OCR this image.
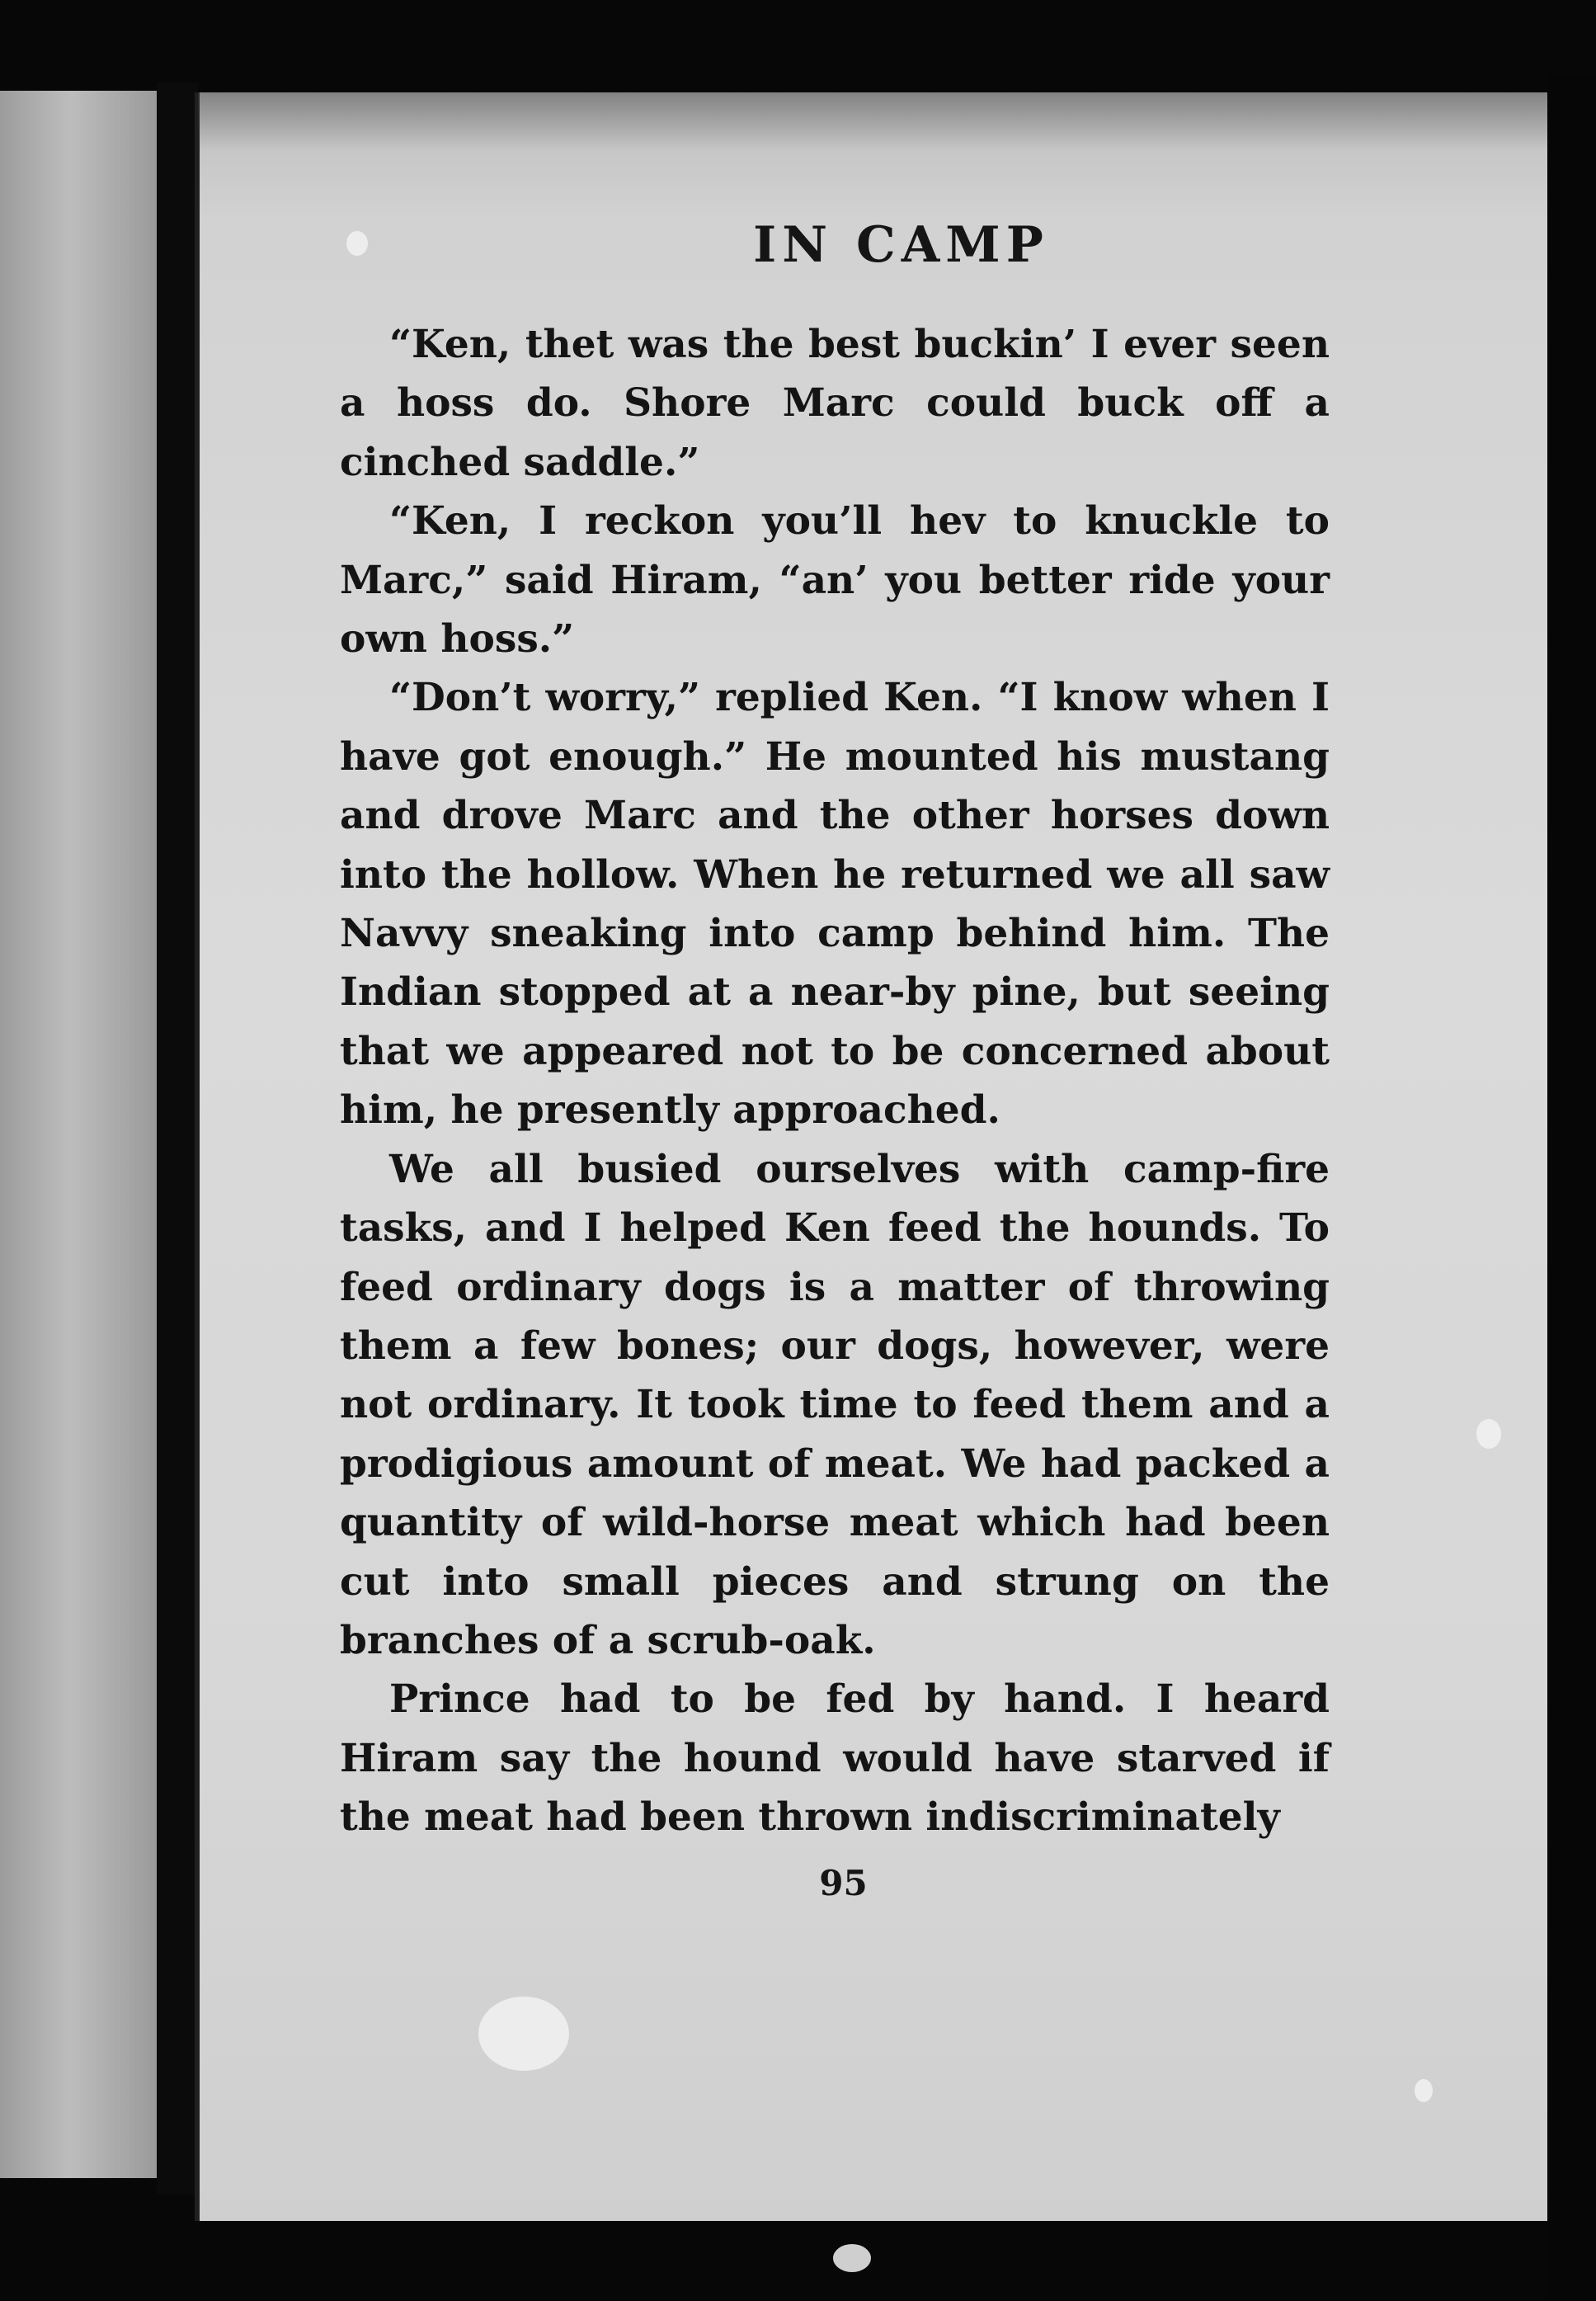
IN CAMP

“Ken, thet was the best buckin’ I ever seen a hoss do. Shore Marc could buck off a cinched saddle.”

“Ken, I reckon you’ll hev to knuckle to Marc,” said Hiram, “an’ you better ride your own hoss.”

“Don’t worry,” replied Ken. “I know when I have got enough.” He mounted his mustang and drove Marc and the other horses down into the hollow. When he returned we all saw Navvy sneaking into camp behind him. The Indian stopped at a near-by pine, but seeing that we appeared not to be concerned about him, he presently approached.

We all busied ourselves with camp-fire tasks, and I helped Ken feed the hounds. To feed ordinary dogs is a matter of throwing them a few bones; our dogs, however, were not ordinary. It took time to feed them and a prodigious amount of meat. We had packed a quantity of wild-horse meat which had been cut into small pieces and strung on the branches of a scrub-oak.

Prince had to be fed by hand. I heard Hiram say the hound would have starved if the meat had been thrown indiscriminately

95
